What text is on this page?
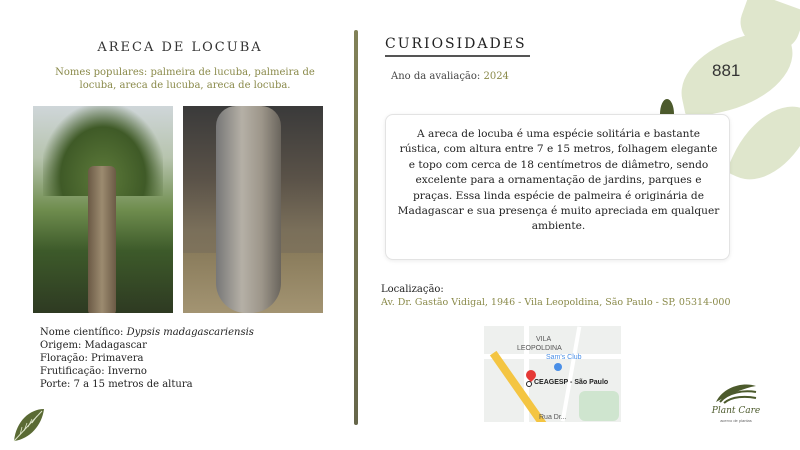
ARECA DE LOCUBA
Nomes populares: palmeira de lucuba, palmeira de locuba, areca de lucuba, areca de locuba.
Nome científico: Dypsis madagascariensis
Origem: Madagascar
Floração: Primavera
Frutificação: Inverno
Porte: 7 a 15 metros de altura
CURIOSIDADES
Ano da avaliação: 2024	881

A areca de locuba é uma espécie solitária e bastante rústica, com altura entre 7 e 15 metros, folhagem elegante e topo com cerca de 18 centímetros de diâmetro, sendo excelente para a ornamentação de jardins, parques e praças. Essa linda espécie de palmeira é originária de Madagascar e sua presença é muito apreciada em qualquer ambiente.

Localização:
Av. Dr. Gastão Vidigal, 1946 - Vila Leopoldina, São Paulo - SP, 05314-000
VILA
LEOPOLDINA
Sam's Club
CEAGESP - São Paulo
Rua Dr...
Plant Care
acervo de plantas
